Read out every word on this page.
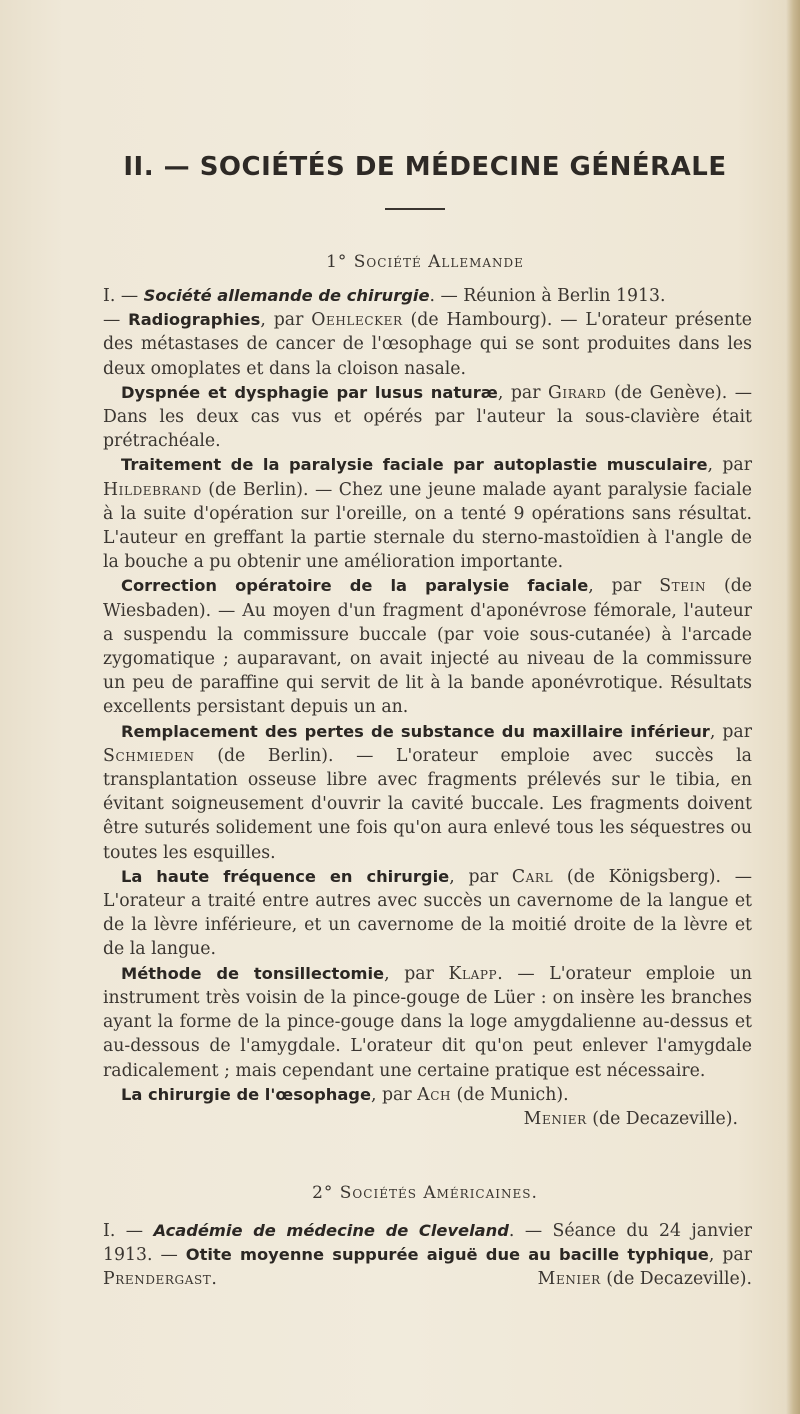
II. — SOCIÉTÉS DE MÉDECINE GÉNÉRALE
1° Société Allemande

I. — Société allemande de chirurgie. — Réunion à Berlin 1913.

— Radiographies, par Oehlecker (de Hambourg). — L'orateur présente des métastases de cancer de l'œsophage qui se sont produites dans les deux omoplates et dans la cloison nasale.

Dyspnée et dysphagie par lusus naturæ, par Girard (de Genève). — Dans les deux cas vus et opérés par l'auteur la sous-clavière était prétrachéale.

Traitement de la paralysie faciale par autoplastie musculaire, par Hildebrand (de Berlin). — Chez une jeune malade ayant paralysie faciale à la suite d'opération sur l'oreille, on a tenté 9 opérations sans résultat. L'auteur en greffant la partie sternale du sterno-mastoïdien à l'angle de la bouche a pu obtenir une amélioration importante.

Correction opératoire de la paralysie faciale, par Stein (de Wiesbaden). — Au moyen d'un fragment d'aponévrose fémorale, l'auteur a suspendu la commissure buccale (par voie sous-cutanée) à l'arcade zygomatique ; auparavant, on avait injecté au niveau de la commissure un peu de paraffine qui servit de lit à la bande aponévrotique. Résultats excellents persistant depuis un an.

Remplacement des pertes de substance du maxillaire inférieur, par Schmieden (de Berlin). — L'orateur emploie avec succès la transplantation osseuse libre avec fragments prélevés sur le tibia, en évitant soigneusement d'ouvrir la cavité buccale. Les fragments doivent être suturés solidement une fois qu'on aura enlevé tous les séquestres ou toutes les esquilles.

La haute fréquence en chirurgie, par Carl (de Königsberg). — L'orateur a traité entre autres avec succès un cavernome de la langue et de la lèvre inférieure, et un cavernome de la moitié droite de la lèvre et de la langue.

Méthode de tonsillectomie, par Klapp. — L'orateur emploie un instrument très voisin de la pince-gouge de Lüer : on insère les branches ayant la forme de la pince-gouge dans la loge amygdalienne au-dessus et au-dessous de l'amygdale. L'orateur dit qu'on peut enlever l'amygdale radicalement ; mais cependant une certaine pratique est nécessaire.

La chirurgie de l'œsophage, par Ach (de Munich).

Menier (de Decazeville).

2° Sociétés Américaines.

I. — Académie de médecine de Cleveland. — Séance du 24 janvier 1913. — Otite moyenne suppurée aiguë due au bacille typhique, par Prendergast.	Menier (de Decazeville).
